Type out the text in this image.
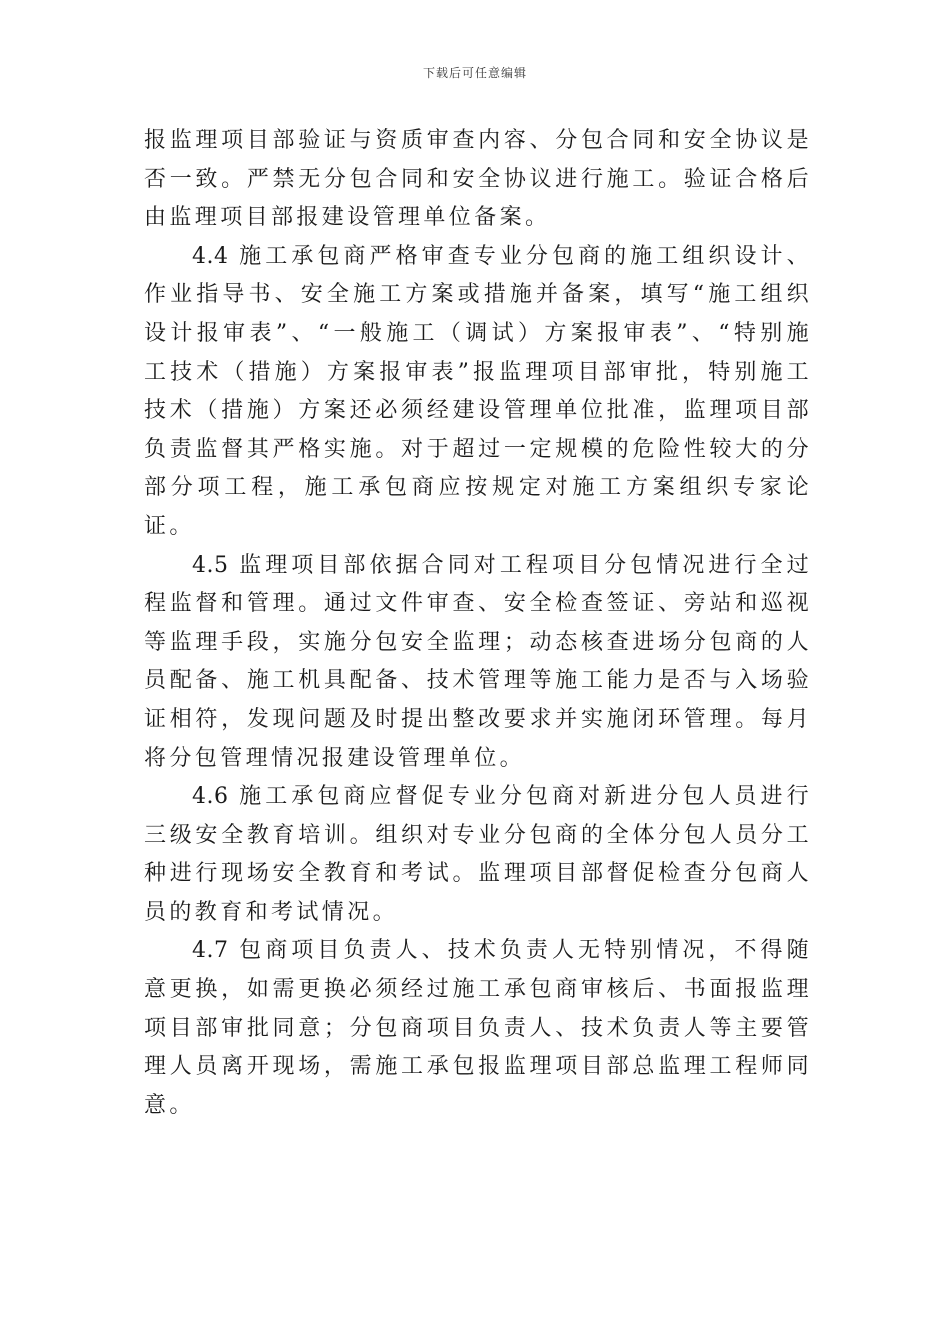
下载后可任意编辑

报监理项目部验证与资质审查内容、分包合同和安全协议是否一致。严禁无分包合同和安全协议进行施工。验证合格后由监理项目部报建设管理单位备案。

4.4 施工承包商严格审查专业分包商的施工组织设计、作业指导书、安全施工方案或措施并备案，填写“施工组织设计报审表”、“一般施工（调试）方案报审表”、“特别施工技术（措施）方案报审表”报监理项目部审批，特别施工技术（措施）方案还必须经建设管理单位批准，监理项目部负责监督其严格实施。对于超过一定规模的危险性较大的分部分项工程，施工承包商应按规定对施工方案组织专家论证。

4.5 监理项目部依据合同对工程项目分包情况进行全过程监督和管理。通过文件审查、安全检查签证、旁站和巡视等监理手段，实施分包安全监理；动态核查进场分包商的人员配备、施工机具配备、技术管理等施工能力是否与入场验证相符，发现问题及时提出整改要求并实施闭环管理。每月将分包管理情况报建设管理单位。

4.6 施工承包商应督促专业分包商对新进分包人员进行三级安全教育培训。组织对专业分包商的全体分包人员分工种进行现场安全教育和考试。监理项目部督促检查分包商人员的教育和考试情况。

4.7 包商项目负责人、技术负责人无特别情况，不得随意更换，如需更换必须经过施工承包商审核后、书面报监理项目部审批同意；分包商项目负责人、技术负责人等主要管理人员离开现场，需施工承包报监理项目部总监理工程师同意。
